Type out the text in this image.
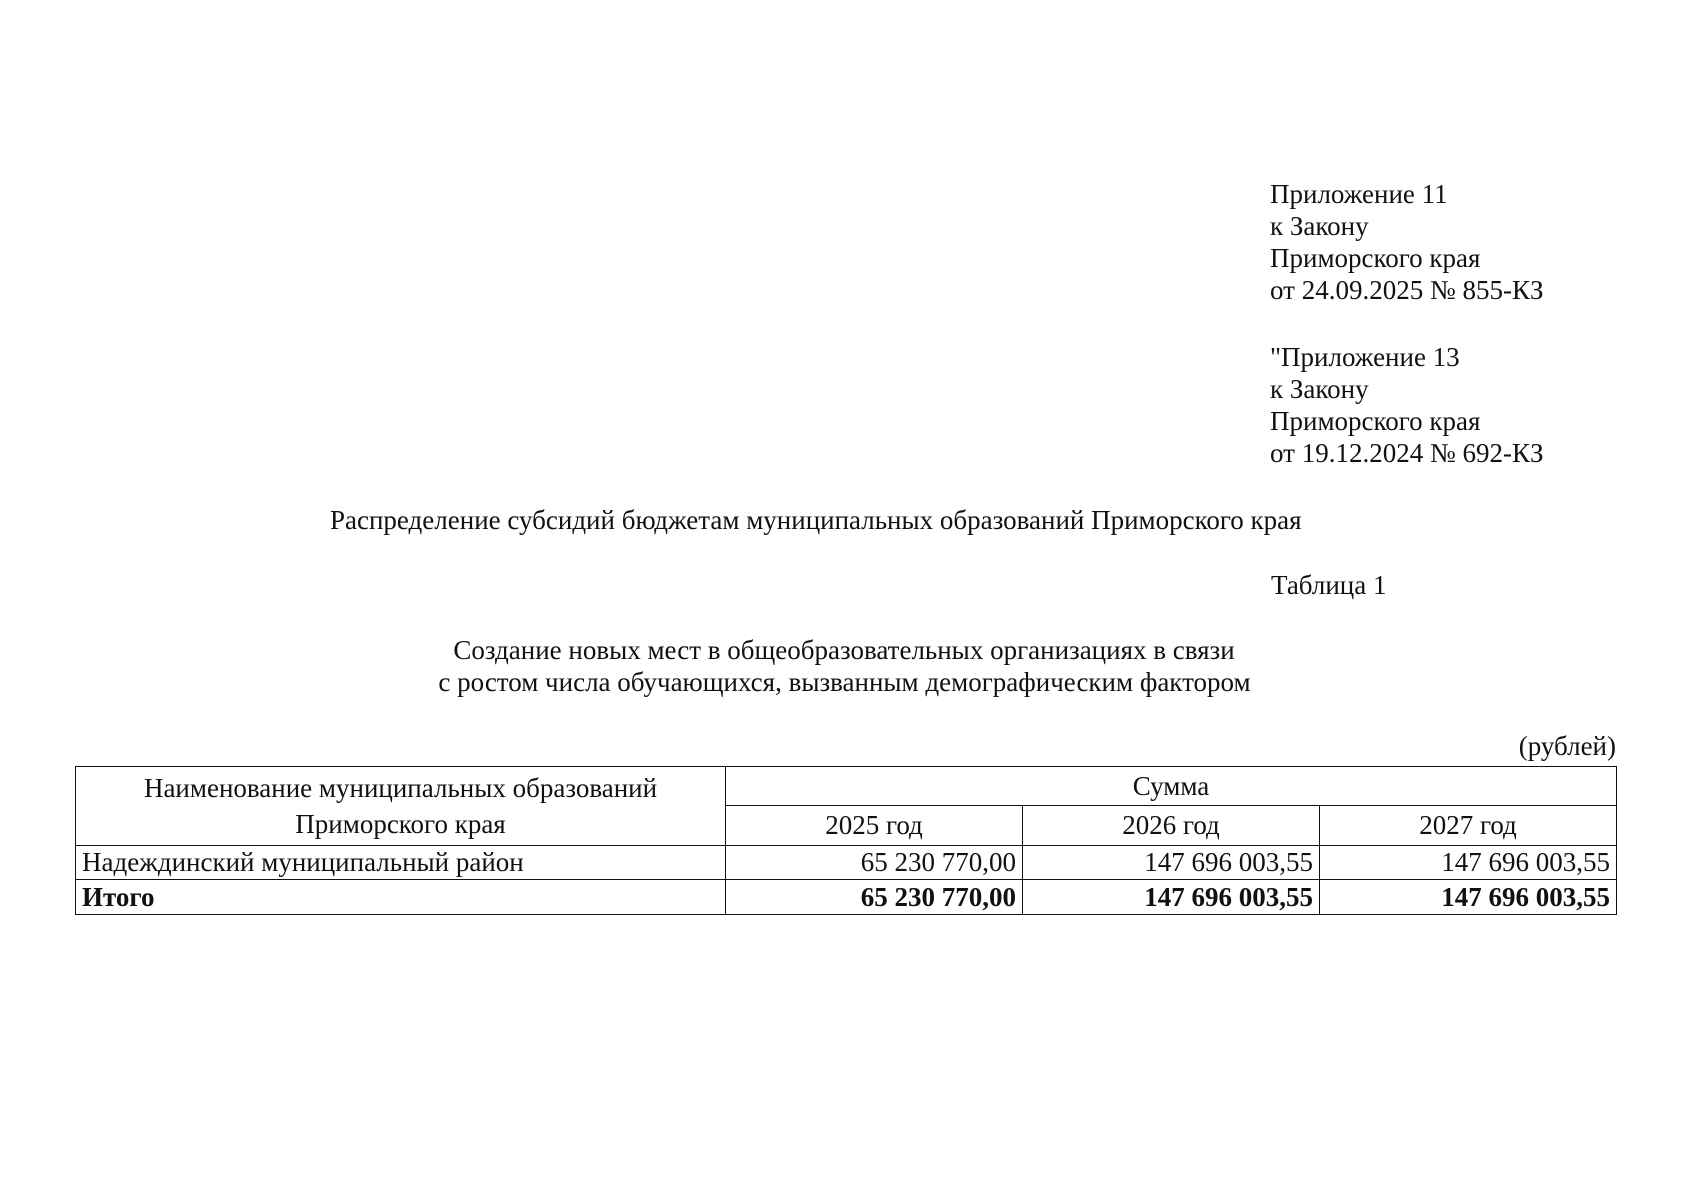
Приложение 11
к Закону
Приморского края
от 24.09.2025 № 855-КЗ
"Приложение 13
к Закону
Приморского края
от 19.12.2024 № 692-КЗ
Распределение субсидий бюджетам муниципальных образований Приморского края
Таблица 1
Создание новых мест в общеобразовательных организациях в связи
с ростом числа обучающихся, вызванным демографическим фактором
(рублей)
Наименование муниципальных образований Приморского края	Сумма		
	2025 год	2026 год	2027 год
Надеждинский муниципальный район	65 230 770,00	147 696 003,55	147 696 003,55
Итого	65 230 770,00	147 696 003,55	147 696 003,55
